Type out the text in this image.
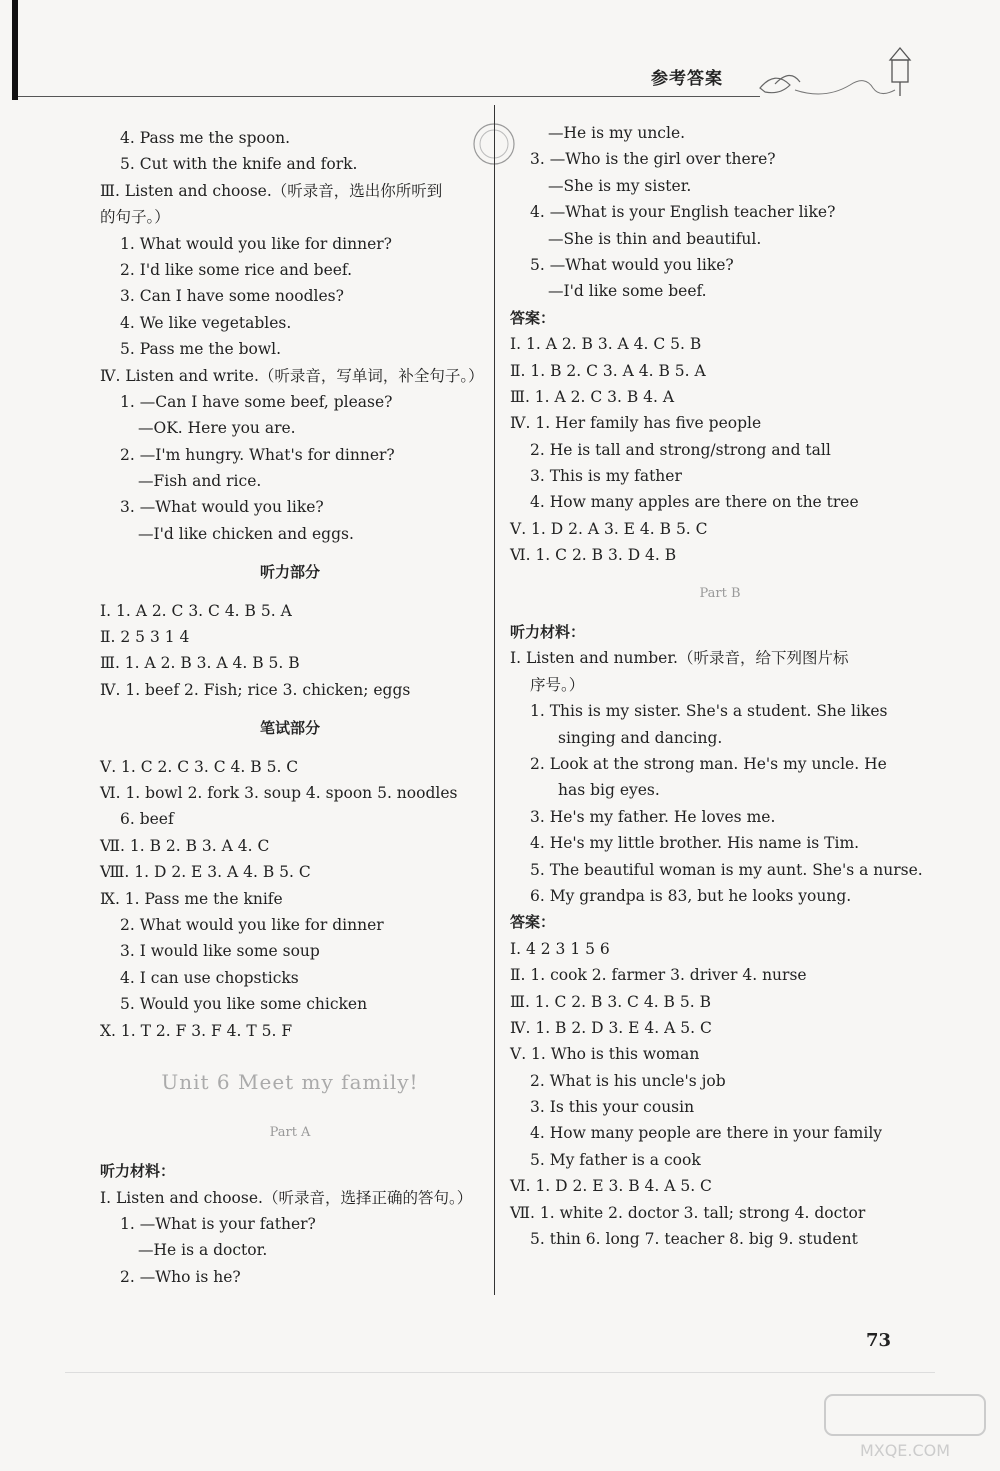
参考答案
4. Pass me the spoon.
5. Cut with the knife and fork.
Ⅲ. Listen and choose.（听录音，选出你所听到
的句子。）
1. What would you like for dinner?
2. I'd like some rice and beef.
3. Can I have some noodles?
4. We like vegetables.
5. Pass me the bowl.
Ⅳ. Listen and write.（听录音，写单词，补全句子。）
1. —Can I have some beef, please?
—OK. Here you are.
2. —I'm hungry. What's for dinner?
—Fish and rice.
3. —What would you like?
—I'd like chicken and eggs.
听力部分
Ⅰ. 1. A 2. C 3. C 4. B 5. A
Ⅱ. 2 5 3 1 4
Ⅲ. 1. A 2. B 3. A 4. B 5. B
Ⅳ. 1. beef 2. Fish; rice 3. chicken; eggs
笔试部分
Ⅴ. 1. C 2. C 3. C 4. B 5. C
Ⅵ. 1. bowl 2. fork 3. soup 4. spoon 5. noodles
6. beef
Ⅶ. 1. B 2. B 3. A 4. C
Ⅷ. 1. D 2. E 3. A 4. B 5. C
Ⅸ. 1. Pass me the knife
2. What would you like for dinner
3. I would like some soup
4. I can use chopsticks
5. Would you like some chicken
Ⅹ. 1. T 2. F 3. F 4. T 5. F
Unit 6 Meet my family!
Part A
听力材料：
Ⅰ. Listen and choose.（听录音，选择正确的答句。）
1. —What is your father?
—He is a doctor.
2. —Who is he?
—He is my uncle.
3. —Who is the girl over there?
—She is my sister.
4. —What is your English teacher like?
—She is thin and beautiful.
5. —What would you like?
—I'd like some beef.
答案：
Ⅰ. 1. A 2. B 3. A 4. C 5. B
Ⅱ. 1. B 2. C 3. A 4. B 5. A
Ⅲ. 1. A 2. C 3. B 4. A
Ⅳ. 1. Her family has five people
2. He is tall and strong/strong and tall
3. This is my father
4. How many apples are there on the tree
Ⅴ. 1. D 2. A 3. E 4. B 5. C
Ⅵ. 1. C 2. B 3. D 4. B
Part B
听力材料：
Ⅰ. Listen and number.（听录音，给下列图片标
序号。）
1. This is my sister. She's a student. She likes
singing and dancing.
2. Look at the strong man. He's my uncle. He
has big eyes.
3. He's my father. He loves me.
4. He's my little brother. His name is Tim.
5. The beautiful woman is my aunt. She's a nurse.
6. My grandpa is 83, but he looks young.
答案：
Ⅰ. 4 2 3 1 5 6
Ⅱ. 1. cook 2. farmer 3. driver 4. nurse
Ⅲ. 1. C 2. B 3. C 4. B 5. B
Ⅳ. 1. B 2. D 3. E 4. A 5. C
Ⅴ. 1. Who is this woman
2. What is his uncle's job
3. Is this your cousin
4. How many people are there in your family
5. My father is a cook
Ⅵ. 1. D 2. E 3. B 4. A 5. C
Ⅶ. 1. white 2. doctor 3. tall; strong 4. doctor
5. thin 6. long 7. teacher 8. big 9. student
73
MXQE.COM
